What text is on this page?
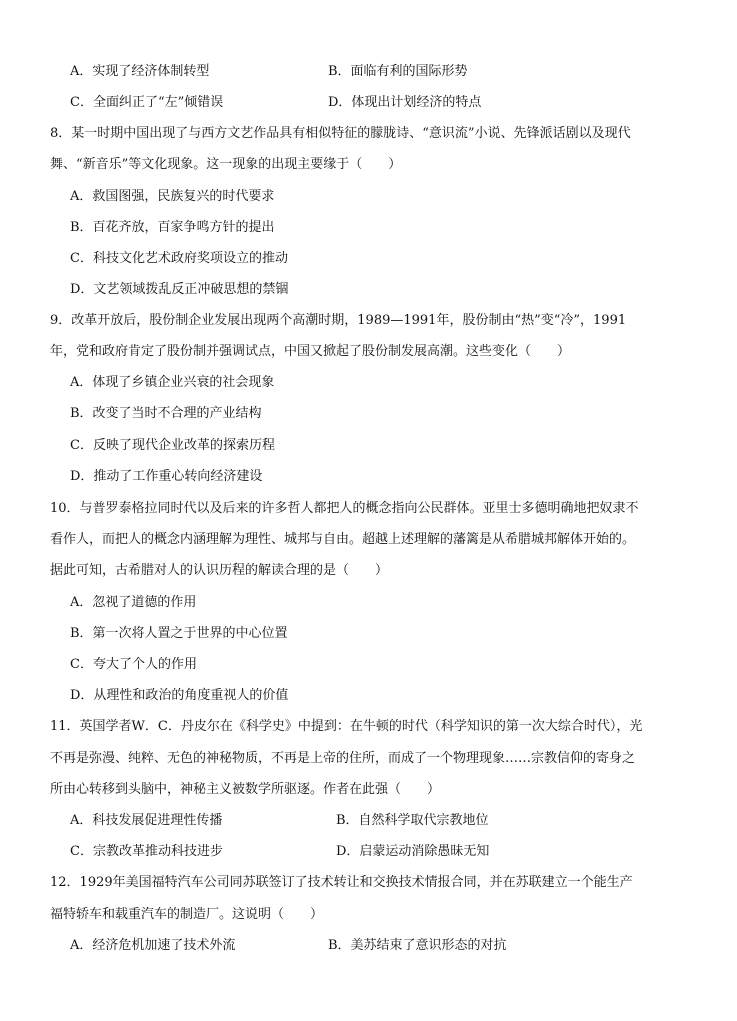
A．实现了经济体制转型	B．面临有利的国际形势
C．全面纠正了“左”倾错误	D．体现出计划经济的特点
8．某一时期中国出现了与西方文艺作品具有相似特征的朦胧诗、“意识流”小说、先锋派话剧以及现代
舞、“新音乐”等文化现象。这一现象的出现主要缘于（　　）
A．救国图强，民族复兴的时代要求
B．百花齐放，百家争鸣方针的提出
C．科技文化艺术政府奖项设立的推动
D．文艺领域拨乱反正冲破思想的禁锢
9．改革开放后，股份制企业发展出现两个高潮时期，1989—1991年，股份制由“热”变“冷”，1991
年，党和政府肯定了股份制并强调试点，中国又掀起了股份制发展高潮。这些变化（　　）
A．体现了乡镇企业兴衰的社会现象
B．改变了当时不合理的产业结构
C．反映了现代企业改革的探索历程
D．推动了工作重心转向经济建设
10．与普罗泰格拉同时代以及后来的许多哲人都把人的概念指向公民群体。亚里士多德明确地把奴隶不
看作人，而把人的概念内涵理解为理性、城邦与自由。超越上述理解的藩篱是从希腊城邦解体开始的。
据此可知，古希腊对人的认识历程的解读合理的是（　　）
A．忽视了道德的作用
B．第一次将人置之于世界的中心位置
C．夸大了个人的作用
D．从理性和政治的角度重视人的价值
11．英国学者W．C．丹皮尔在《科学史》中提到：在牛顿的时代（科学知识的第一次大综合时代），光
不再是弥漫、纯粹、无色的神秘物质，不再是上帝的住所，而成了一个物理现象……宗教信仰的寄身之
所由心转移到头脑中，神秘主义被数学所驱逐。作者在此强（　　）
A．科技发展促进理性传播	B．自然科学取代宗教地位
C．宗教改革推动科技进步	D．启蒙运动消除愚昧无知
12．1929年美国福特汽车公司同苏联签订了技术转让和交换技术情报合同，并在苏联建立一个能生产
福特轿车和载重汽车的制造厂。这说明（　　）
A．经济危机加速了技术外流	B．美苏结束了意识形态的对抗
